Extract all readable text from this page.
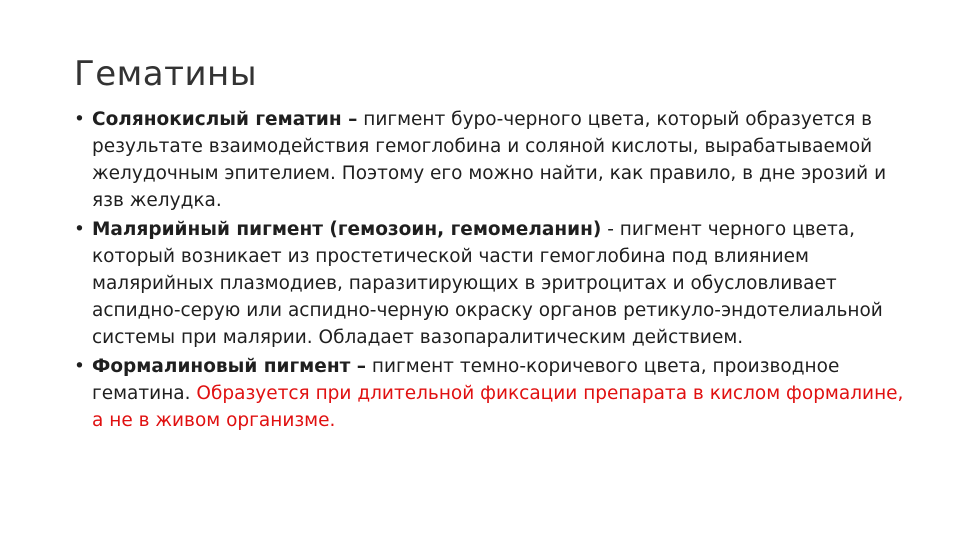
Гематины
• Солянокислый гематин – пигмент буро-черного цвета, который образуется в результате взаимодействия гемоглобина и соляной кислоты, вырабатываемой желудочным эпителием. Поэтому его можно найти, как правило, в дне эрозий и язв желудка.
• Малярийный пигмент (гемозоин, гемомеланин) - пигмент черного цвета, который возникает из простетической части гемоглобина под влиянием малярийных плазмодиев, паразитирующих в эритроцитах и обусловливает аспидно-серую или аспидно-черную окраску органов ретикуло-эндотелиальной системы при малярии. Обладает вазопаралитическим действием.
• Формалиновый пигмент – пигмент темно-коричевого цвета, производное гематина. Образуется при длительной фиксации препарата в кислом формалине, а не в живом организме.
